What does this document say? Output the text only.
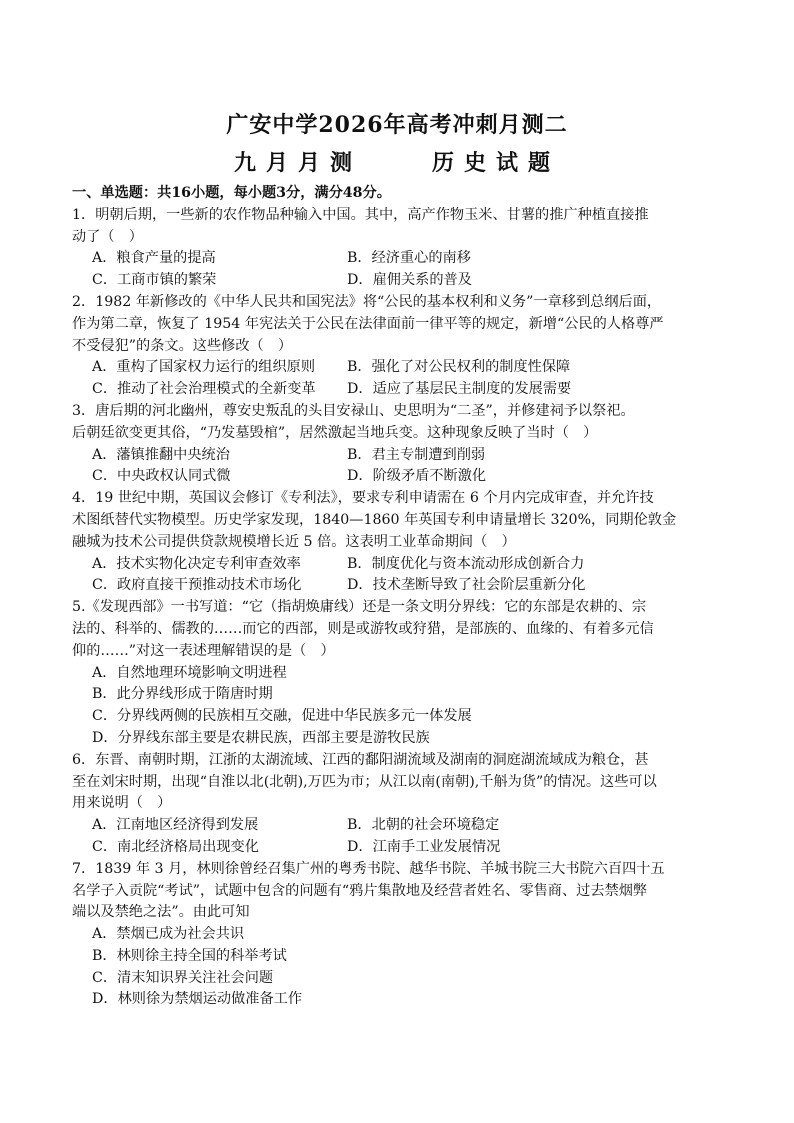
广安中学2026年高考冲刺月测二
九月月测	历史试题
一、单选题：共16小题，每小题3分，满分48分。
1．明朝后期，一些新的农作物品种输入中国。其中，高产作物玉米、甘薯的推广种植直接推
动了（　）
A．粮食产量的提高	B．经济重心的南移
C．工商市镇的繁荣	D．雇佣关系的普及
2．1982 年新修改的《中华人民共和国宪法》将“公民的基本权利和义务”一章移到总纲后面，
作为第二章，恢复了 1954 年宪法关于公民在法律面前一律平等的规定，新增“公民的人格尊严
不受侵犯”的条文。这些修改（　）
A．重构了国家权力运行的组织原则	B．强化了对公民权利的制度性保障
C．推动了社会治理模式的全新变革	D．适应了基层民主制度的发展需要
3．唐后期的河北幽州，尊安史叛乱的头目安禄山、史思明为“二圣”，并修建祠予以祭祀。
后朝廷欲变更其俗，“乃发墓毁棺”，居然激起当地兵变。这种现象反映了当时（　）
A．藩镇推翻中央统治	B．君主专制遭到削弱
C．中央政权认同式微	D．阶级矛盾不断激化
4．19 世纪中期，英国议会修订《专利法》，要求专利申请需在 6 个月内完成审查，并允许技
术图纸替代实物模型。历史学家发现，1840—1860 年英国专利申请量增长 320%，同期伦敦金
融城为技术公司提供贷款规模增长近 5 倍。这表明工业革命期间（　）
A．技术实物化决定专利审查效率	B．制度优化与资本流动形成创新合力
C．政府直接干预推动技术市场化	D．技术垄断导致了社会阶层重新分化
5.《发现西部》一书写道：“它（指胡焕庸线）还是一条文明分界线：它的东部是农耕的、宗
法的、科举的、儒教的……而它的西部，则是或游牧或狩猎，是部族的、血缘的、有着多元信
仰的……”对这一表述理解错误的是（　）
A．自然地理环境影响文明进程
B．此分界线形成于隋唐时期
C．分界线两侧的民族相互交融，促进中华民族多元一体发展
D．分界线东部主要是农耕民族，西部主要是游牧民族
6．东晋、南朝时期，江浙的太湖流域、江西的鄱阳湖流域及湖南的洞庭湖流域成为粮仓，甚
至在刘宋时期，出现“自淮以北(北朝),万匹为市；从江以南(南朝),千斛为货”的情况。这些可以
用来说明（　）
A．江南地区经济得到发展	B．北朝的社会环境稳定
C．南北经济格局出现变化	D．江南手工业发展情况
7．1839 年 3 月，林则徐曾经召集广州的粤秀书院、越华书院、羊城书院三大书院六百四十五
名学子入贡院“考试”，试题中包含的问题有“鸦片集散地及经营者姓名、零售商、过去禁烟弊
端以及禁绝之法”。由此可知
A．禁烟已成为社会共识
B．林则徐主持全国的科举考试
C．清末知识界关注社会问题
D．林则徐为禁烟运动做准备工作
